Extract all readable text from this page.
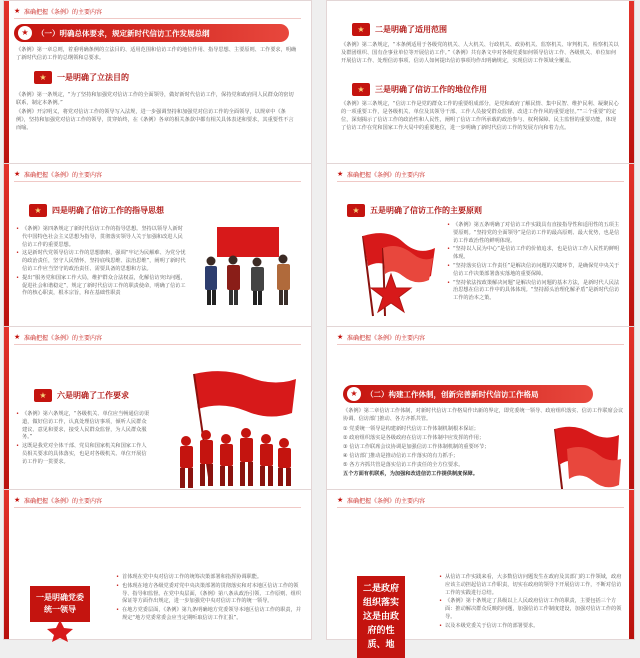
★ 准确把握《条例》的主要内容
★	（一）明确总体要求，规定新时代信访工作发展总纲

《条例》第一章总则，着重明确条例的立法目的、适用范围和信访工作的地位作用、指导思想、主要原则、工作要求，明确了新时代信访工作的总纲领和总要求。

★	一是明确了立法目的

《条例》第一条规定，“为了坚持和加强党对信访工作的全面领导，做好新时代信访工作，保持党和政府同人民群众的密切联系，制定本条例。”

《条例》开宗明义，将党对信访工作的领导写入法规，进一步强调坚持和加强党对信访工作的全面领导，以规章中《条例》，坚持和加强党对信访工作的领导，贯穿始终，在《条例》各章的相关条款中都有相关具体表述和要求，其重要性不言而喻。

★	二是明确了适用范围

《条例》第二条规定，“本条例适用于各级党的机关、人大机关、行政机关、政协机关、监察机关、审判机关、检察机关以及群团组织、国有企事业单位等开展信访工作。”《条例》共有条文中对各级党委如何领导信访工作、各级机关、单位如何开展信访工作、处理信访事项、信访人如何提出信访事项均作出明确规定，实现信访工作领域全覆盖。

★	三是明确了信访工作的地位作用

《条例》第三条规定，“信访工作是党的群众工作的重要组成部分，是党和政府了解民情、集中民智、维护民利、凝聚民心的一项重要工作，是各级机关、单位及其领导干部、工作人员接受群众监督、改进工作作风的重要途径。”“三个重要”的定位，深刻揭示了信访工作的政治性和人民性，阐明了信访工作所承载的政治参与、权利保障、民主监督的重要功能，体现了信访工作在党和国家工作大局中的重要地位，进一步明确了新时代信访工作的发展方向和着力点。

★ 准确把握《条例》的主要内容
★	四是明确了信访工作的指导思想
• 《条例》第四条规定了新时代信访工作的指导思想。坚持以领导人新时代中国特色社会主义思想为指导，贯彻落实领导人关于加强和改进人民信访工作的重要思想。
• 这是新时代党领导信访工作的思想旗帜，强调“牢记为民解难、为党分忧的政治责任，坚守人民情怀，坚持底线思维、法治思维”，阐明了新时代信访工作应当坚守的政治责任、需要具备的思想和方法。
• 提出“服务党和国家工作大局，维护群众合法权益，化解信访突出问题，促进社会和谐稳定”，规定了新时代信访工作的职责使命，明确了信访工作的核心职责，根本宗旨，和在基础性职责
★ 准确把握《条例》的主要内容
★	五是明确了信访工作的主要原则
• 《条例》第五条明确了对信访工作实践具有直接指导性和适用性的五项主要原则。“坚持党的全面领导”是信访工作的最高原则、最大优势，也是信访工作政治性的鲜明体现。
• “坚持以人民为中心”是信访工作的价值追求，也是信访工作人民性的鲜明体现。
• “坚持落实信访工作责任”是解决信访问题的关键环节，是确保党中央关于信访工作决策部署落实落地的重要保障。
• “坚持依法按政策解决问题”是解决信访问题的基本方法，是新时代人民法治思想在信访工作中的具体体现。“坚持源头治理化解矛盾”是新时代信访工作的治本之策。
★ 准确把握《条例》的主要内容
★	六是明确了工作要求
• 《条例》第六条规定，“各级机关、单位应当畅通信访渠道，做好信访工作，认真处理信访事项，倾听人民群众建议、意见和要求，接受人民群众监督，为人民群众服务。”
• 这既是我党对全体干部、党员和国家机关和国家工作人员相关要求的具体落实，也是对各级机关、单位开展信访工作的一贯要求。
★ 准确把握《条例》的主要内容
★	（二）构建工作体制，创新完善新时代信访工作格局

《条例》第二章信访工作体制，对新时代信访工作格局作出新的界定，即党委统一领导、政府组织落实、信访工作联席会议协调、信访部门推动、各方齐抓共管。

① 党委统一领导是构建新时代信访工作体制机制根本保证；

② 政府组织落实是各级政府在信访工作体制中应发挥的作用；

③ 信访工作联席会议协调是加强信访工作体制机制的重要环节；

④ 信访部门推动是推动信访工作落实的有力抓手；

⑤ 各方齐抓共管是落实信访工作责任的全方位要求。

五个方面有机联系，为加强和改进信访工作提供制度保障。

★ 准确把握《条例》的主要内容
一是明确党委统一领导
• 首体现在党中央对信访工作的统筹决策部署和指挥协调职能。
• 也体现在地方各级党委对党中央决策部署的贯彻落实和对本地区信访工作的领导、指导和监督。在党中央层面，《条例》第八条从政治引领、工作原则、组织保证等方面作出规定，进一步加强党中央对信访工作的统一领导。
• 在地方党委层面，《条例》第九条明确地方党委领导本地区信访工作的职责，并规定“地方党委常委会应当定期听取信访工作汇报”。
★ 准确把握《条例》的主要内容
二是政府组织落实 这是由政府的性质、地
• 从信访工作实践来看，大多数信访问题发生在政府及其部门的工作领域，政府应该主动担起信访工作职责，切实在政府的领导下开展信访工作，不断对信访工作的实践进行总结。
• 《条例》第十条规定了县级以上人民政府信访工作的职责，主要包括三个方面：推动解决群众反映的问题，加强信访工作制度建设，加强对信访工作的领导。
• 以及本级党委关于信访工作的部署要求。
